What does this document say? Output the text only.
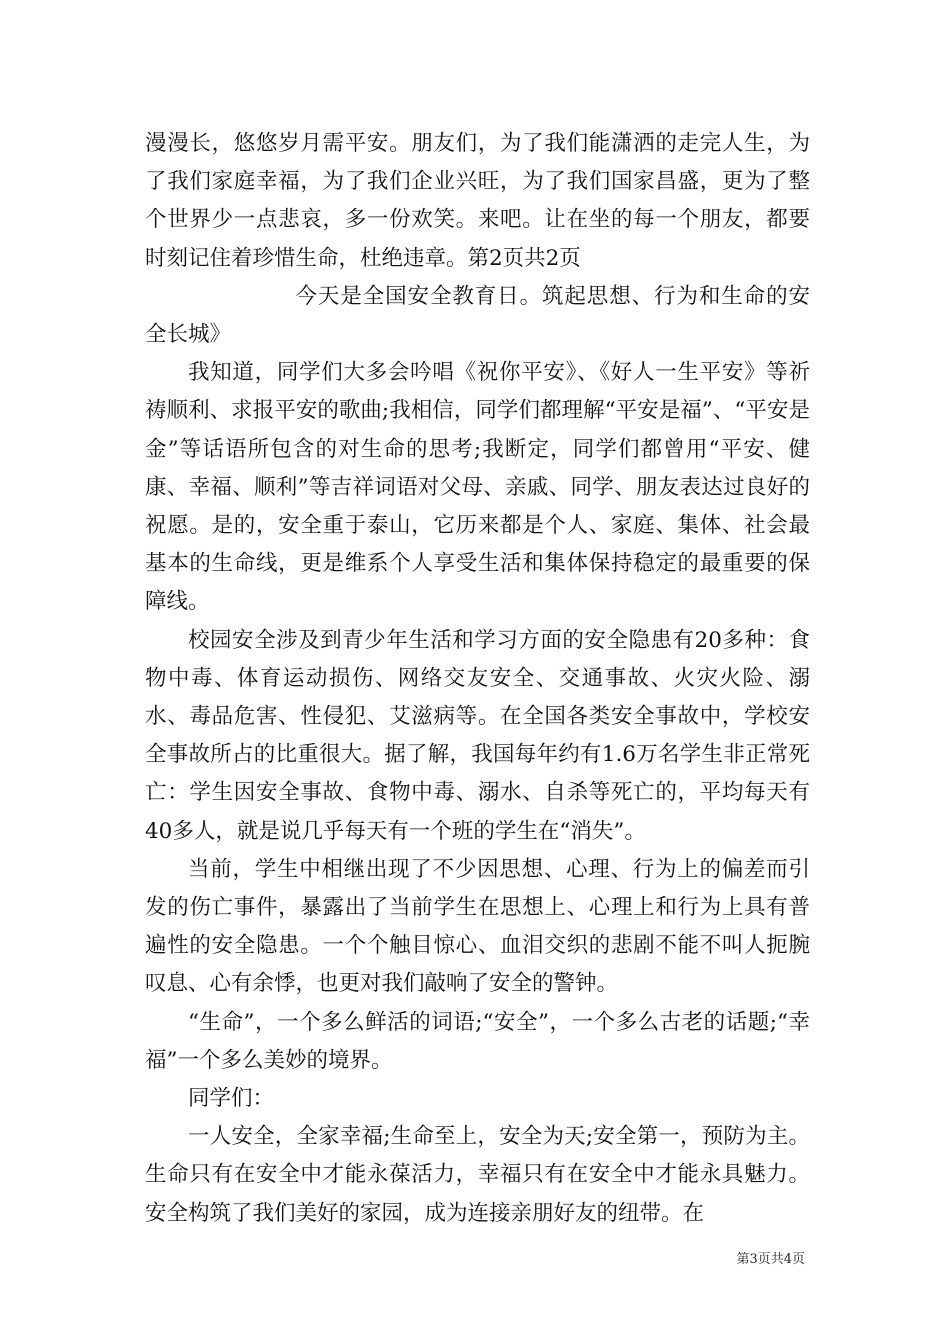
漫漫长，悠悠岁月需平安。朋友们，为了我们能潇洒的走完人生，为了我们家庭幸福，为了我们企业兴旺，为了我们国家昌盛，更为了整个世界少一点悲哀，多一份欢笑。来吧。让在坐的每一个朋友，都要时刻记住着珍惜生命，杜绝违章。第2页共2页

今天是全国安全教育日。筑起思想、行为和生命的安全长城》

我知道，同学们大多会吟唱《祝你平安》、《好人一生平安》等祈祷顺利、求报平安的歌曲;我相信，同学们都理解“平安是福”、“平安是金”等话语所包含的对生命的思考;我断定，同学们都曾用“平安、健康、幸福、顺利”等吉祥词语对父母、亲戚、同学、朋友表达过良好的祝愿。是的，安全重于泰山，它历来都是个人、家庭、集体、社会最基本的生命线，更是维系个人享受生活和集体保持稳定的最重要的保障线。

校园安全涉及到青少年生活和学习方面的安全隐患有20多种：食物中毒、体育运动损伤、网络交友安全、交通事故、火灾火险、溺水、毒品危害、性侵犯、艾滋病等。在全国各类安全事故中，学校安全事故所占的比重很大。据了解，我国每年约有1.6万名学生非正常死亡：学生因安全事故、食物中毒、溺水、自杀等死亡的，平均每天有40多人，就是说几乎每天有一个班的学生在“消失”。

当前，学生中相继出现了不少因思想、心理、行为上的偏差而引发的伤亡事件，暴露出了当前学生在思想上、心理上和行为上具有普遍性的安全隐患。一个个触目惊心、血泪交织的悲剧不能不叫人扼腕叹息、心有余悸，也更对我们敲响了安全的警钟。

“生命”，一个多么鲜活的词语;“安全”，一个多么古老的话题;“幸福”一个多么美妙的境界。

同学们：

一人安全，全家幸福;生命至上，安全为天;安全第一，预防为主。生命只有在安全中才能永葆活力，幸福只有在安全中才能永具魅力。安全构筑了我们美好的家园，成为连接亲朋好友的纽带。在

第3页共4页
